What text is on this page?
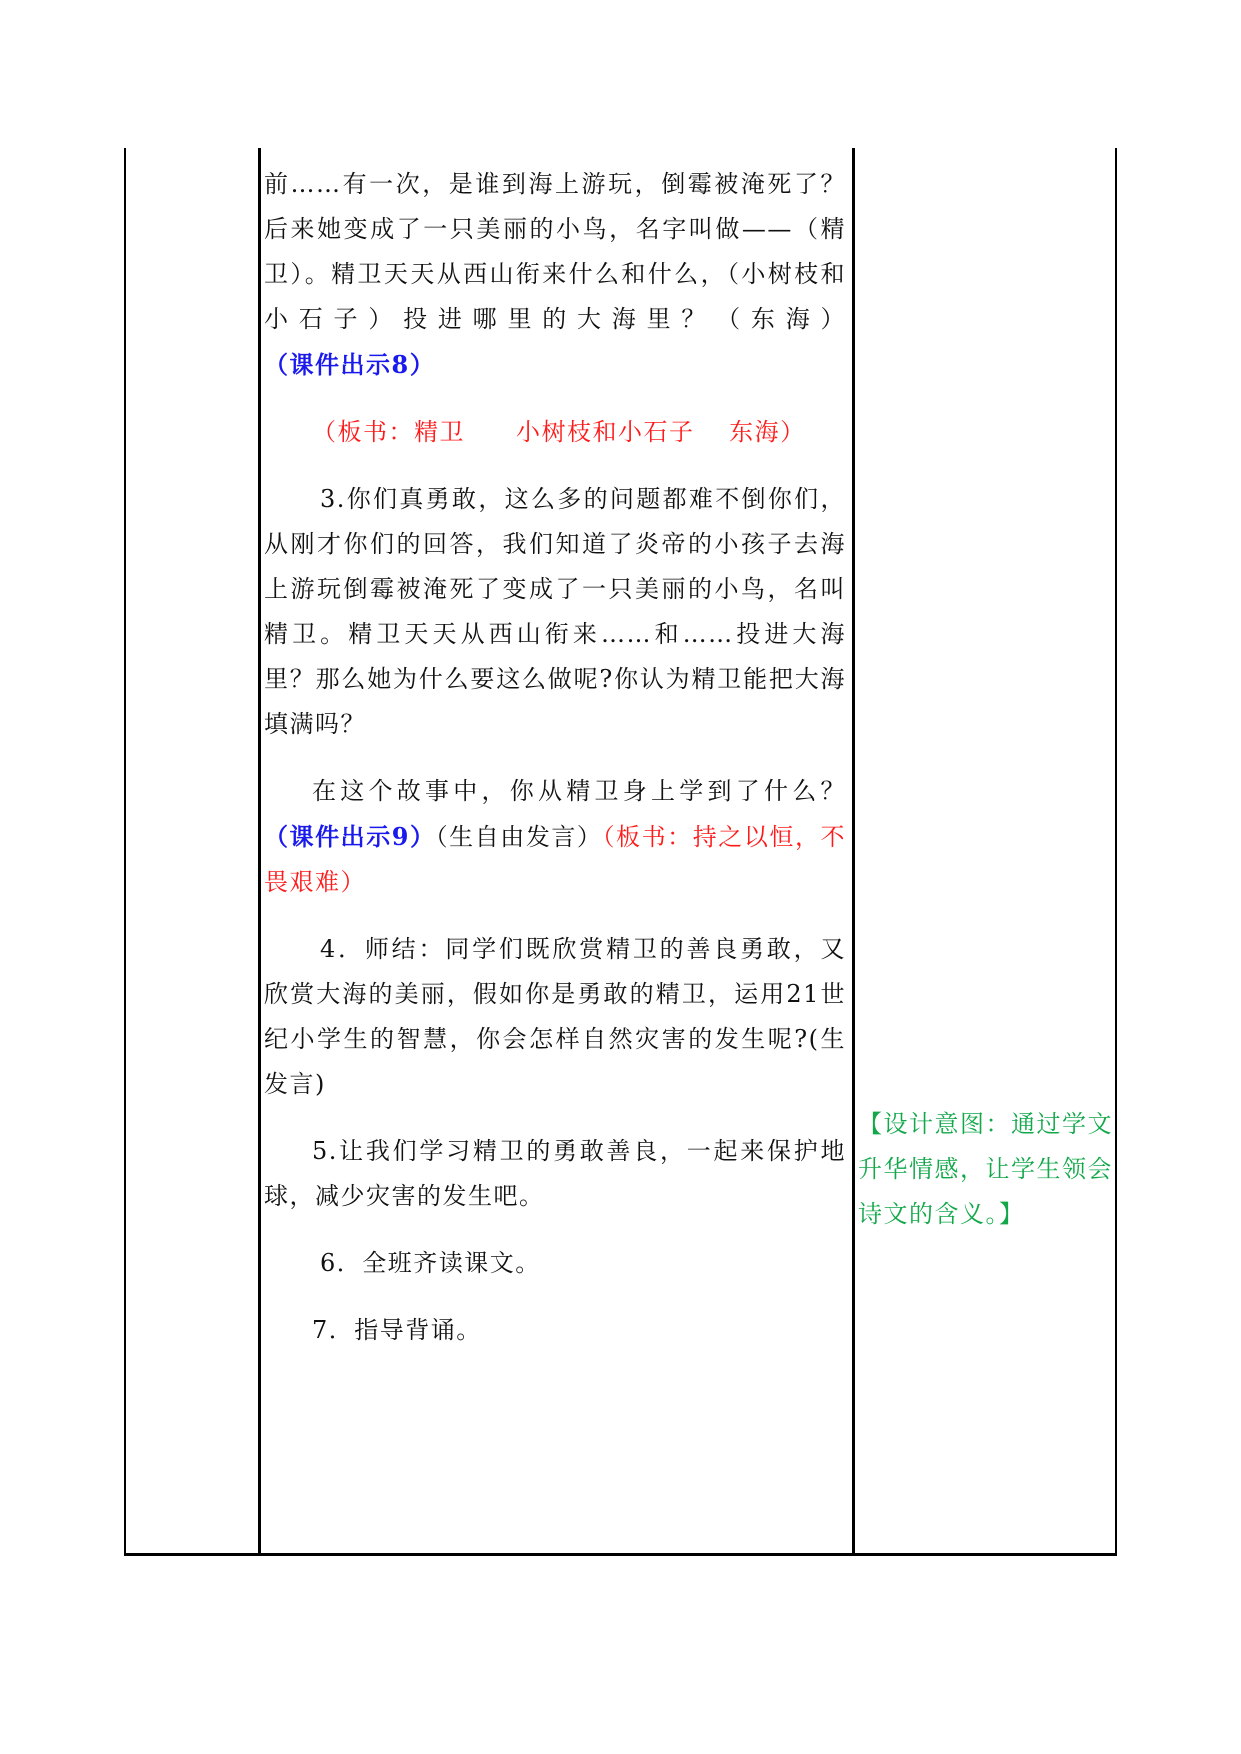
前……有一次，是谁到海上游玩，倒霉被淹死了？后来她变成了一只美丽的小鸟，名字叫做——（精卫）。精卫天天从西山衔来什么和什么，（小树枝和小石子）投进哪里的大海里？（东海）（课件出示8）

（板书：精卫　　小树枝和小石子　 东海）

3.你们真勇敢，这么多的问题都难不倒你们，从刚才你们的回答，我们知道了炎帝的小孩子去海上游玩倒霉被淹死了变成了一只美丽的小鸟，名叫精卫。精卫天天从西山衔来……和……投进大海里？那么她为什么要这么做呢?你认为精卫能把大海填满吗？

在这个故事中，你从精卫身上学到了什么？（课件出示9）（生自由发言）（板书：持之以恒，不畏艰难）

4．师结：同学们既欣赏精卫的善良勇敢，又欣赏大海的美丽，假如你是勇敢的精卫，运用21世纪小学生的智慧，你会怎样自然灾害的发生呢?(生发言)

5.让我们学习精卫的勇敢善良，一起来保护地球，减少灾害的发生吧。

6．全班齐读课文。

7．指导背诵。

【设计意图：通过学文升华情感，让学生领会诗文的含义。】
